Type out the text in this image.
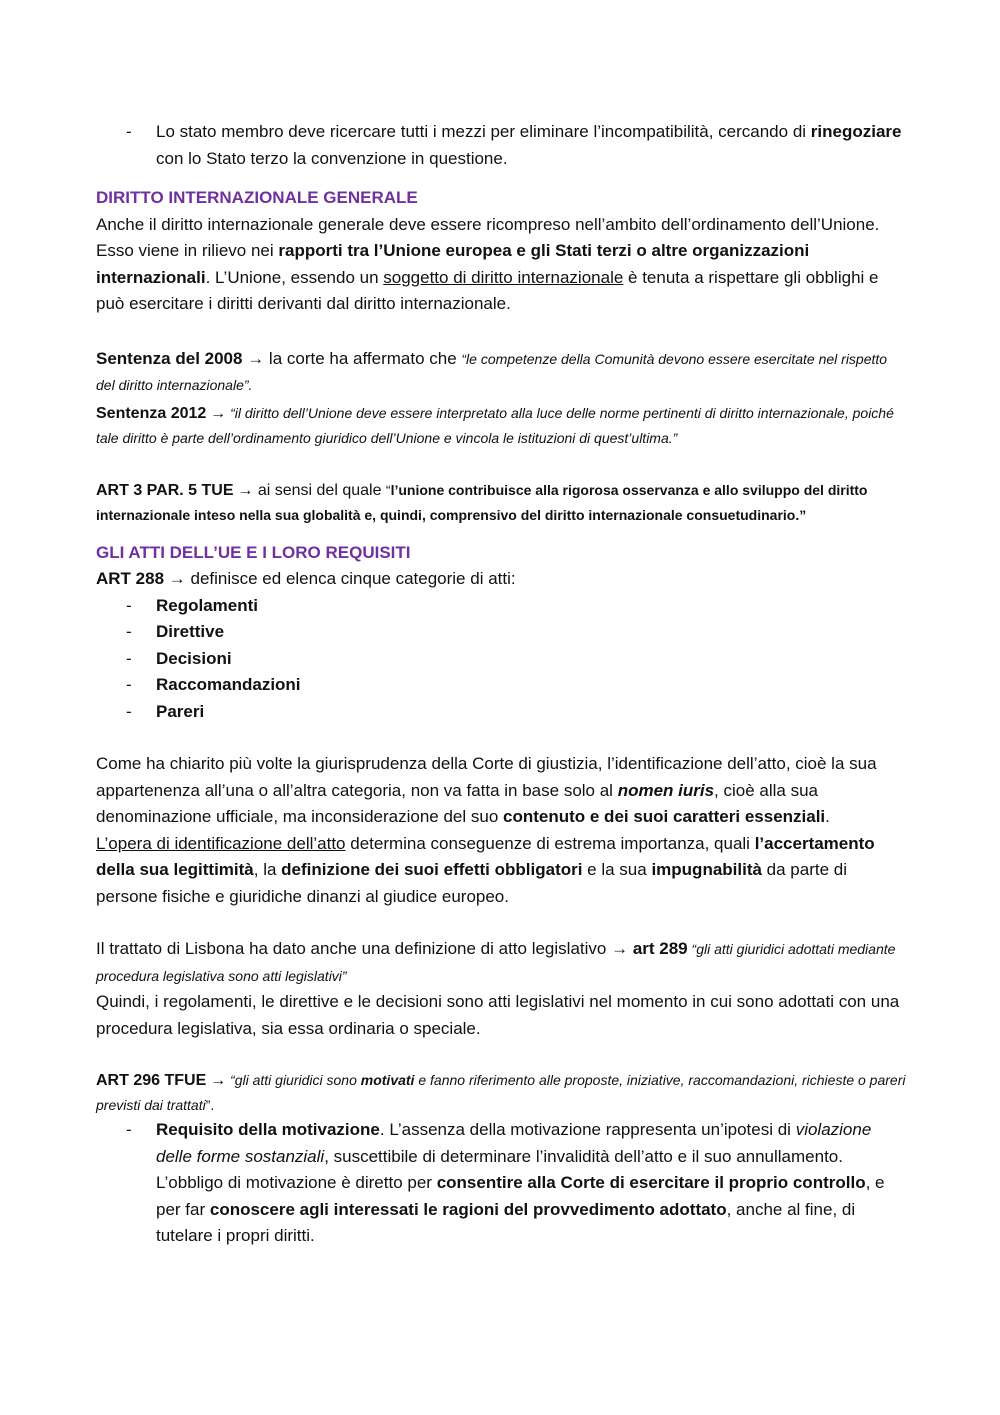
- Lo stato membro deve ricercare tutti i mezzi per eliminare l’incompatibilità, cercando di rinegoziare con lo Stato terzo la convenzione in questione.

DIRITTO INTERNAZIONALE GENERALE

Anche il diritto internazionale generale deve essere ricompreso nell’ambito dell’ordinamento dell’Unione. Esso viene in rilievo nei rapporti tra l’Unione europea e gli Stati terzi o altre organizzazioni internazionali. L’Unione, essendo un soggetto di diritto internazionale è tenuta a rispettare gli obblighi e può esercitare i diritti derivanti dal diritto internazionale.

Sentenza del 2008 → la corte ha affermato che “le competenze della Comunità devono essere esercitate nel rispetto del diritto internazionale”.

Sentenza 2012 → “il diritto dell’Unione deve essere interpretato alla luce delle norme pertinenti di diritto internazionale, poiché tale diritto è parte dell’ordinamento giuridico dell’Unione e vincola le istituzioni di quest’ultima.”

ART 3 PAR. 5 TUE → ai sensi del quale “l’unione contribuisce alla rigorosa osservanza e allo sviluppo del diritto internazionale inteso nella sua globalità e, quindi, comprensivo del diritto internazionale consuetudinario.”

GLI ATTI DELL’UE E I LORO REQUISITI

ART 288 → definisce ed elenca cinque categorie di atti:

- Regolamenti

- Direttive

- Decisioni

- Raccomandazioni

- Pareri

Come ha chiarito più volte la giurisprudenza della Corte di giustizia, l’identificazione dell’atto, cioè la sua appartenenza all’una o all’altra categoria, non va fatta in base solo al nomen iuris, cioè alla sua denominazione ufficiale, ma inconsiderazione del suo contenuto e dei suoi caratteri essenziali.

L’opera di identificazione dell’atto determina conseguenze di estrema importanza, quali l’accertamento della sua legittimità, la definizione dei suoi effetti obbligatori e la sua impugnabilità da parte di persone fisiche e giuridiche dinanzi al giudice europeo.

Il trattato di Lisbona ha dato anche una definizione di atto legislativo → art 289 “gli atti giuridici adottati mediante procedura legislativa sono atti legislativi”

Quindi, i regolamenti, le direttive e le decisioni sono atti legislativi nel momento in cui sono adottati con una procedura legislativa, sia essa ordinaria o speciale.

ART 296 TFUE → “gli atti giuridici sono motivati e fanno riferimento alle proposte, iniziative, raccomandazioni, richieste o pareri previsti dai trattati”.

- Requisito della motivazione. L’assenza della motivazione rappresenta un’ipotesi di violazione delle forme sostanziali, suscettibile di determinare l’invalidità dell’atto e il suo annullamento. L’obbligo di motivazione è diretto per consentire alla Corte di esercitare il proprio controllo, e per far conoscere agli interessati le ragioni del provvedimento adottato, anche al fine, di tutelare i propri diritti.
